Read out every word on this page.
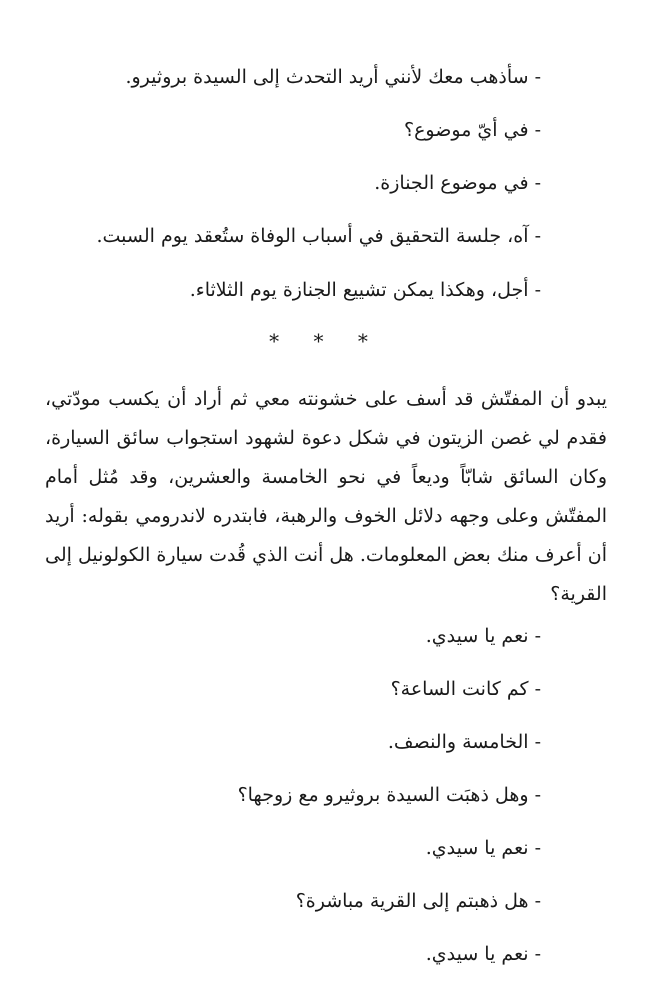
- سأذهب معك لأنني أريد التحدث إلى السيدة بروثيرو.
- في أيّ موضوع؟
- في موضوع الجنازة.
- آه، جلسة التحقيق في أسباب الوفاة ستُعقد يوم السبت.
- أجل، وهكذا يمكن تشييع الجنازة يوم الثلاثاء.
* * *
يبدو أن المفتّش قد أسف على خشونته معي ثم أراد أن يكسب مودّتي، فقدم لي غصن الزيتون في شكل دعوة لشهود استجواب سائق السيارة، وكان السائق شابّاً وديعاً في نحو الخامسة والعشرين، وقد مُثل أمام المفتّش وعلى وجهه دلائل الخوف والرهبة، فابتدره لاندرومي بقوله: أريد أن أعرف منك بعض المعلومات. هل أنت الذي قُدت سيارة الكولونيل إلى القرية؟
- نعم يا سيدي.
- كم كانت الساعة؟
- الخامسة والنصف.
- وهل ذهبَت السيدة بروثيرو مع زوجها؟
- نعم يا سيدي.
- هل ذهبتم إلى القرية مباشرة؟
- نعم يا سيدي.
